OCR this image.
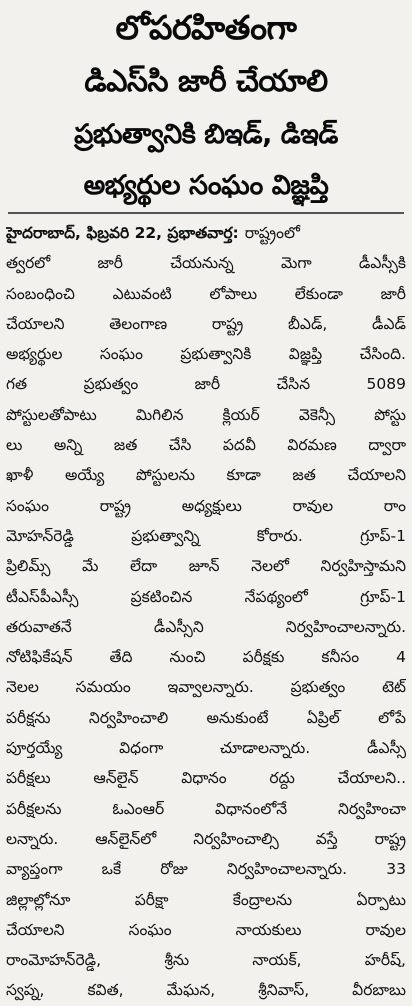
లోపరహితంగా
డిఎస్‌సి జారీ చేయాలి
ప్రభుత్వానికి బిఇడ్‌, డిఇడ్‌
అభ్యర్థుల సంఘం విజ్ఞప్తి
హైదరాబాద్‌, ఫిబ్రవరి 22, ప్రభాతవార్త: రాష్ట్రంలో
త్వరలో జారీ చేయనున్న మెగా డీఎస్సీకి
సంబంధించి ఎటువంటి లోపాలు లేకుండా జారీ
చేయాలని తెలంగాణ రాష్ట్ర బీఎడ్‌, డీఎడ్‌
అభ్యర్థుల సంఘం ప్రభుత్వానికి విజ్ఞప్తి చేసింది.
గత ప్రభుత్వం జారీ చేసిన 5089
పోస్టులతోపాటు మిగిలిన క్లియర్‌ వెకెన్సీ పోస్టు
లు అన్ని జత చేసి పదవీ విరమణ ద్వారా
ఖాళీ అయ్యే పోస్టులను కూడా జత చేయాలని
సంఘం రాష్ట్ర అధ్యక్షులు రావుల రాం
మోహన్‌రెడ్డి ప్రభుత్వాన్ని కోరారు. గ్రూప్‌-1
ప్రిలిమ్స్‌ మే లేదా జూన్‌ నెలలో నిర్వహిస్తామని
టీఎస్‌పీఎస్సీ ప్రకటించిన నేపథ్యంలో గ్రూప్‌-1
తరువాతనే డీఎస్సీని నిర్వహించాలన్నారు.
నోటిఫికేషన్‌ తేది నుంచి పరీక్షకు కనీసం 4
నెలల సమయం ఇవ్వాలన్నారు. ప్రభుత్వం టెట్‌
పరీక్షను నిర్వహించాలి అనుకుంటే ఏప్రిల్‌ లోపే
పూర్తయ్యే విధంగా చూడాలన్నారు. డీఎస్సీ
పరీక్షలు ఆన్‌లైన్‌ విధానం రద్దు చేయాలని..
పరీక్షలను ఓఎంఆర్‌ విధానంలోనే నిర్వహించా
లన్నారు. ఆన్‌లైన్‌లో నిర్వహించాల్సి వస్తే రాష్ట్ర
వ్యాప్తంగా ఒకే రోజు నిర్వహించాలన్నారు. 33
జిల్లాల్లోనూ పరీక్షా కేంద్రాలను ఏర్పాటు
చేయాలని సంఘం నాయకులు రావుల
రాంమోహన్‌రెడ్డి, శ్రీను నాయక్‌, హరీష్‌,
స్వప్న, కవిత, మేఘన, శ్రీనివాస్‌, వీరబాబు
